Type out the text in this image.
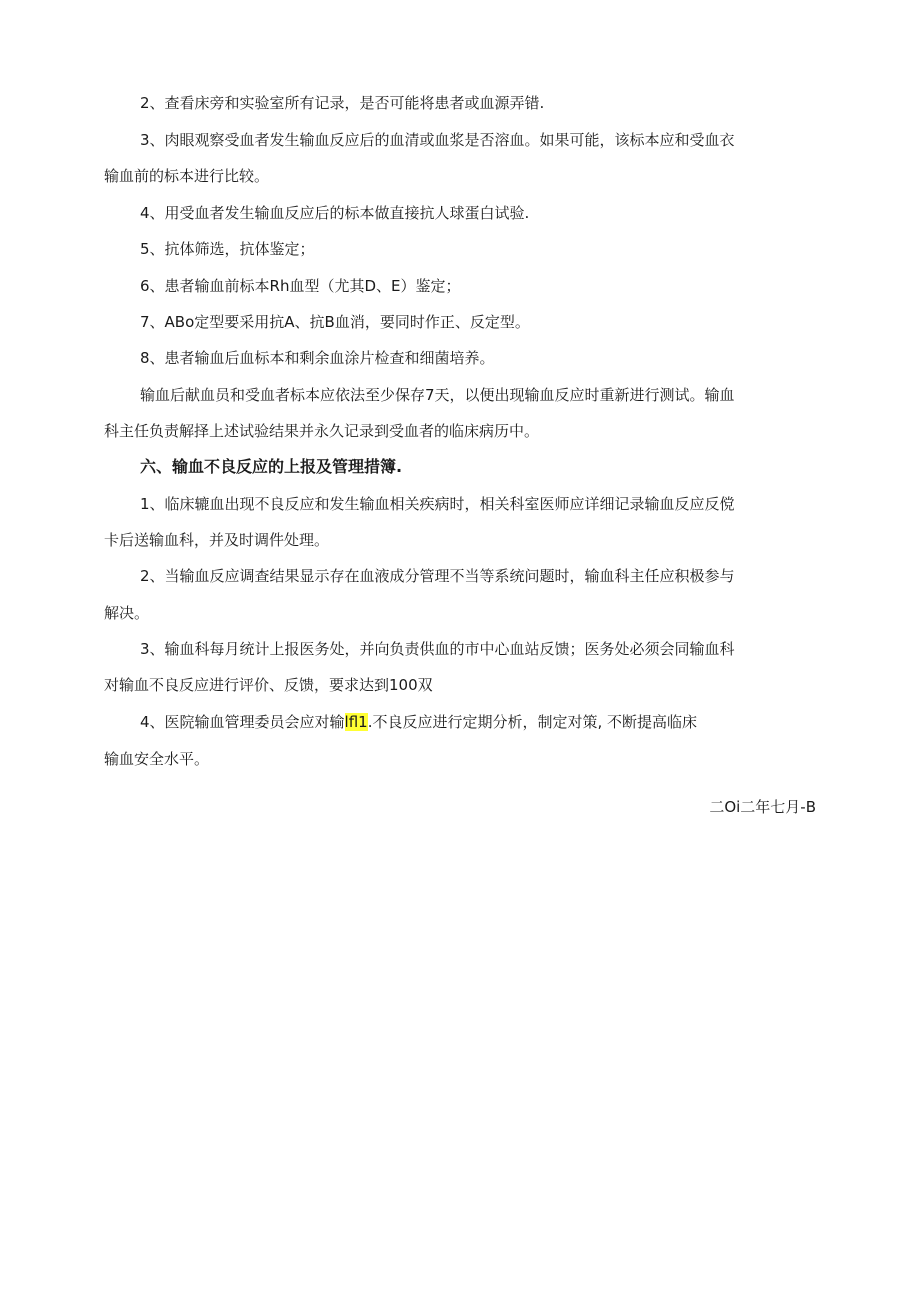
2、查看床旁和实验室所有记录，是否可能将患者或血源弄错.
3、肉眼观察受血者发生输血反应后的血清或血浆是否溶血。如果可能，该标本应和受血衣
输血前的标本进行比较。
4、用受血者发生输血反应后的标本做直接抗人球蛋白试验.
5、抗体筛选，抗体鉴定；
6、患者输血前标本Rh血型（尤其D、E）鉴定；
7、ABo定型要采用抗A、抗B血消，要同时作正、反定型。
8、患者输血后血标本和剩余血涂片检查和细菌培养。
输血后献血员和受血者标本应依法至少保存7天，以便出现输血反应时重新进行测试。输血
科主任负责解择上述试验结果并永久记录到受血者的临床病历中。
六、输血不良反应的上报及管理措簿.
1、临床辘血出现不良反应和发生输血相关疾病时，相关科室医师应详细记录输血反应反傥
卡后送输血科，并及时调件处理。
2、当输血反应调查结果显示存在血液成分管理不当等系统问题时，输血科主任应积极参与
解决。
3、输血科每月统计上报医务处，并向负责供血的市中心血站反馈；医务处必须会同输血科
对输血不良反应进行评价、反馈，要求达到100双
4、医院输血管理委员会应对输lfl1.不良反应进行定期分析，制定对策, 不断提高临床
输血安全水平。
二Oi二年七月-B
